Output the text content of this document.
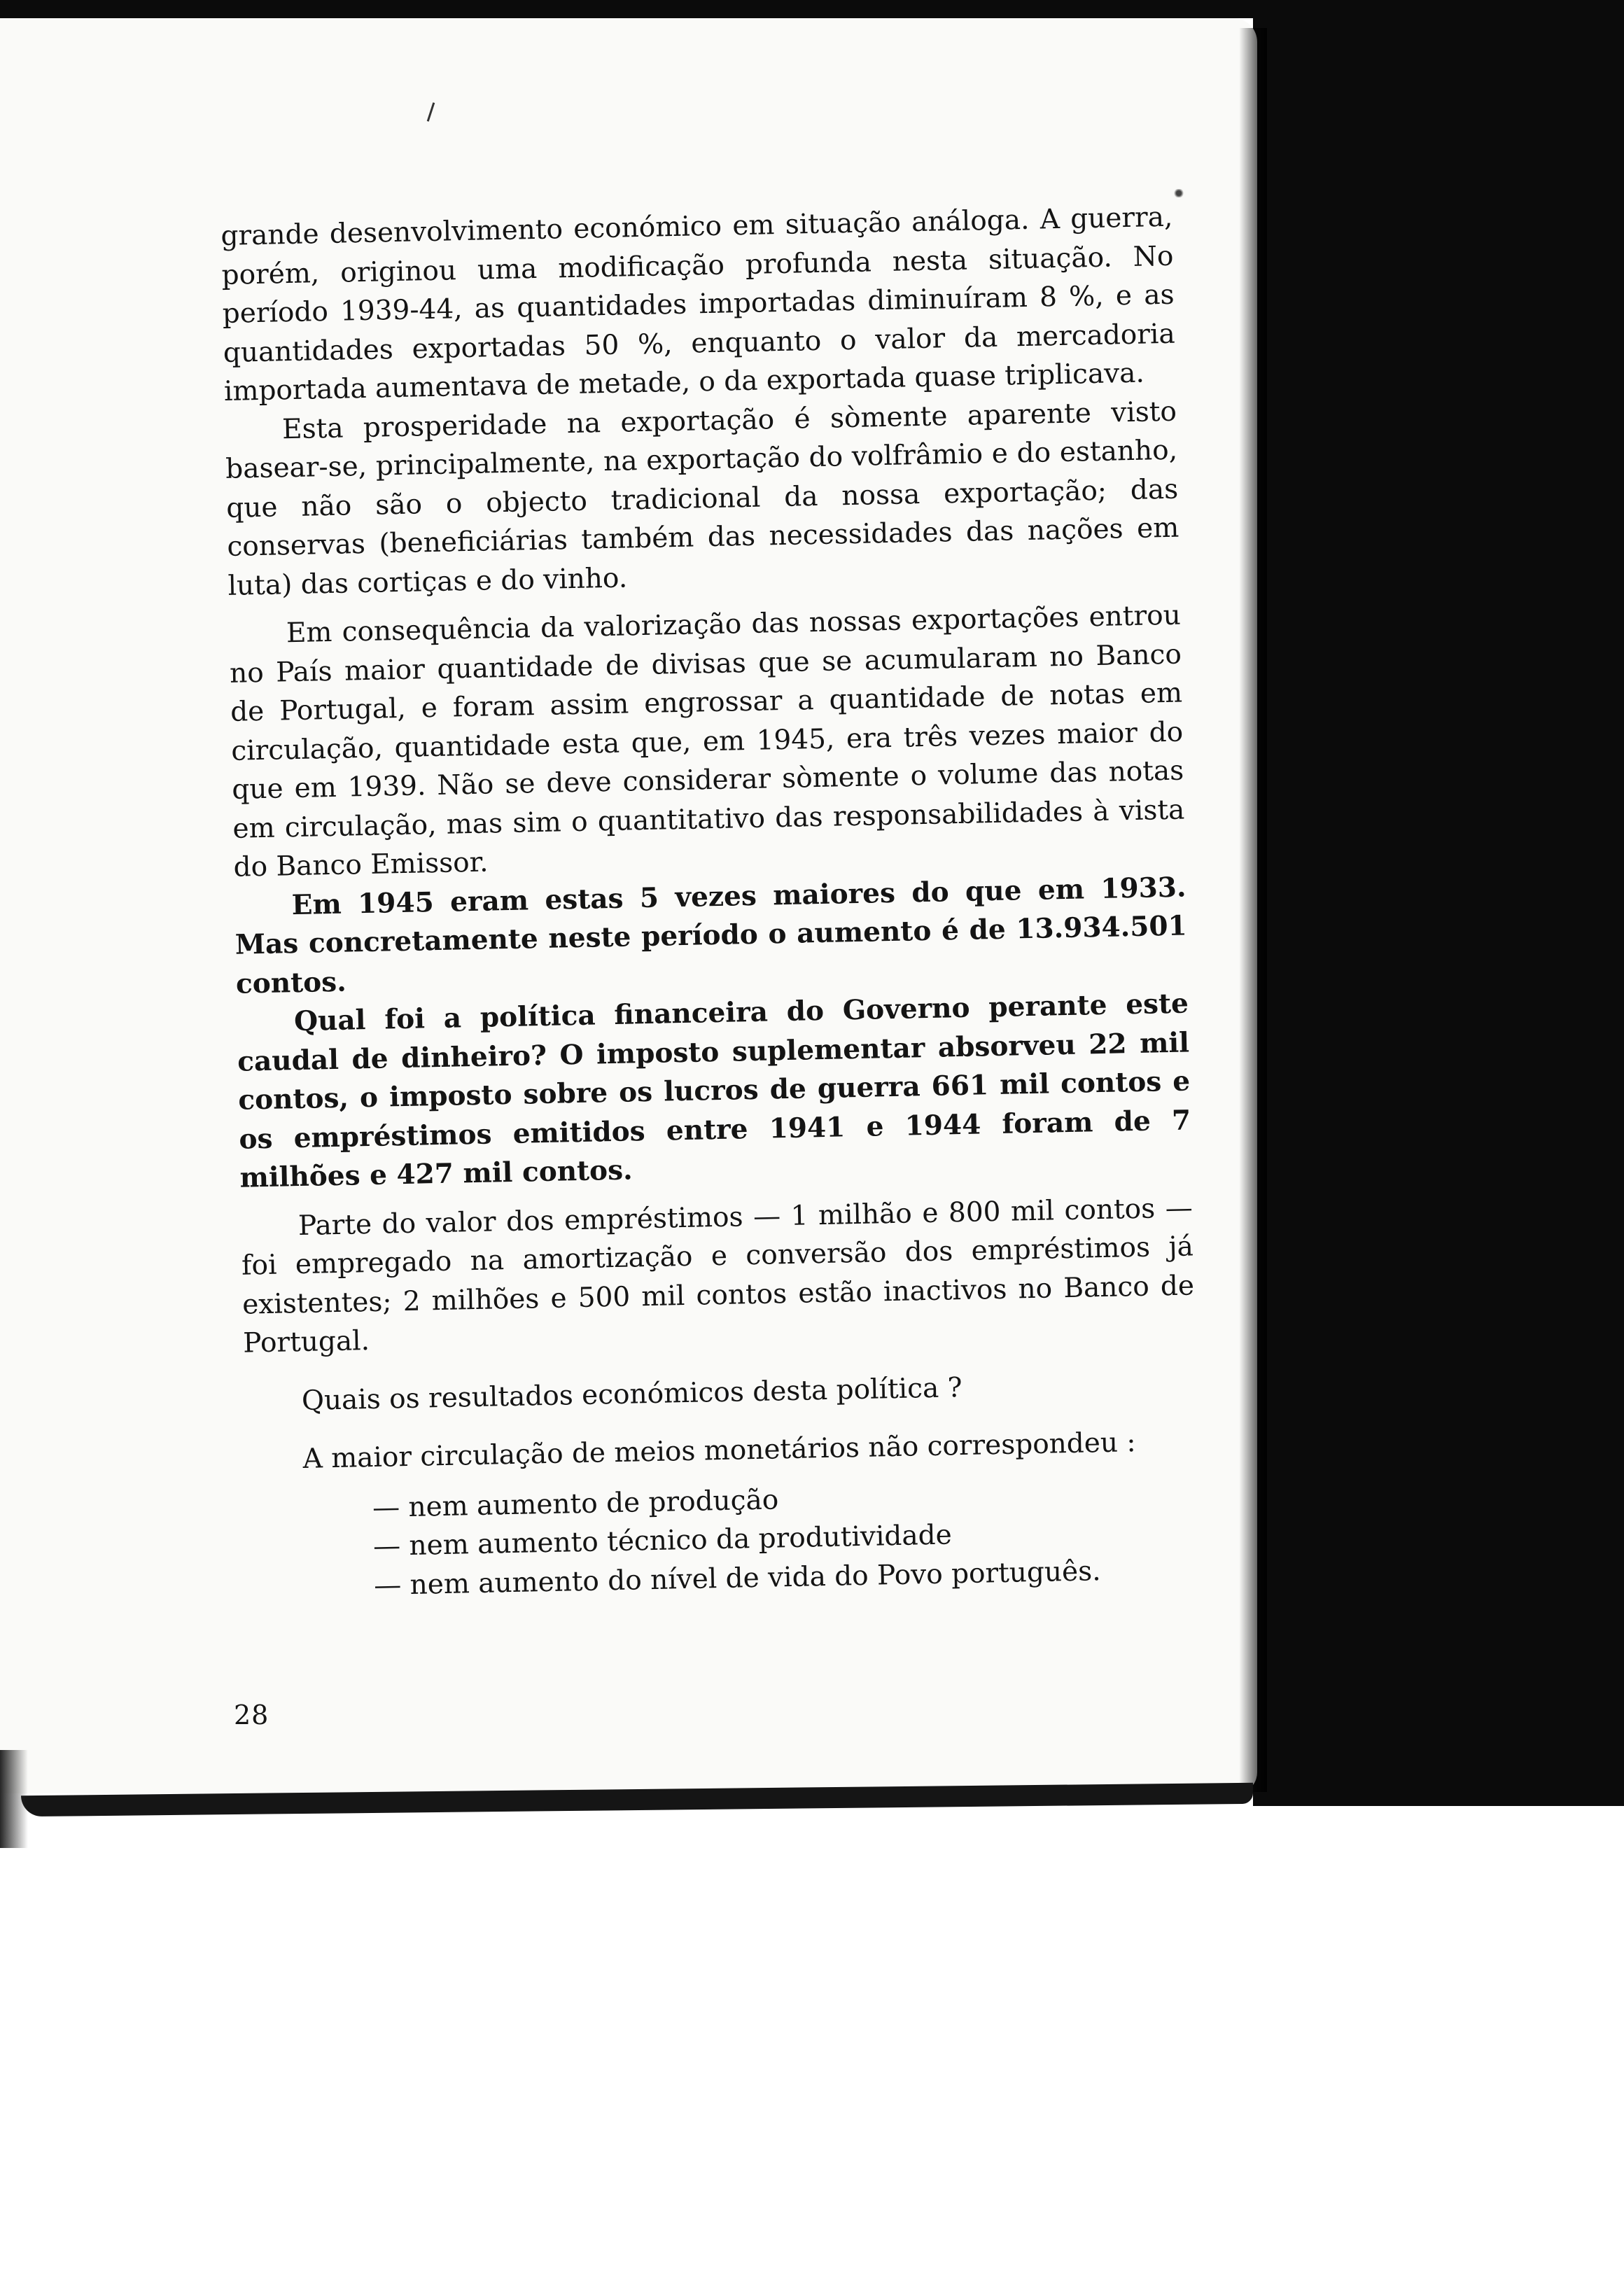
grande desenvolvimento económico em situação análoga. A guerra, porém, originou uma modificação profunda nesta situação. No período 1939-44, as quantidades importadas diminuíram 8 %, e as quantidades exportadas 50 %, enquanto o valor da mercadoria importada aumentava de metade, o da exportada quase triplicava.

Esta prosperidade na exportação é sòmente aparente visto basear-se, principalmente, na exportação do volfrâmio e do estanho, que não são o objecto tradicional da nossa exportação; das conservas (beneficiárias também das necessidades das nações em luta) das cortiças e do vinho.

Em consequência da valorização das nossas exportações entrou no País maior quantidade de divisas que se acumularam no Banco de Portugal, e foram assim engrossar a quantidade de notas em circulação, quantidade esta que, em 1945, era três vezes maior do que em 1939. Não se deve considerar sòmente o volume das notas em circulação, mas sim o quantitativo das responsabilidades à vista do Banco Emissor.

Em 1945 eram estas 5 vezes maiores do que em 1933. Mas concretamente neste período o aumento é de 13.934.501 contos.

Qual foi a política financeira do Governo perante este caudal de dinheiro? O imposto suplementar absorveu 22 mil contos, o imposto sobre os lucros de guerra 661 mil contos e os empréstimos emitidos entre 1941 e 1944 foram de 7 milhões e 427 mil contos.

Parte do valor dos empréstimos — 1 milhão e 800 mil contos — foi empregado na amortização e conversão dos empréstimos já existentes; 2 milhões e 500 mil contos estão inactivos no Banco de Portugal.

Quais os resultados económicos desta política ?

A maior circulação de meios monetários não correspondeu :

— nem aumento de produção
— nem aumento técnico da produtividade
— nem aumento do nível de vida do Povo português.
28
